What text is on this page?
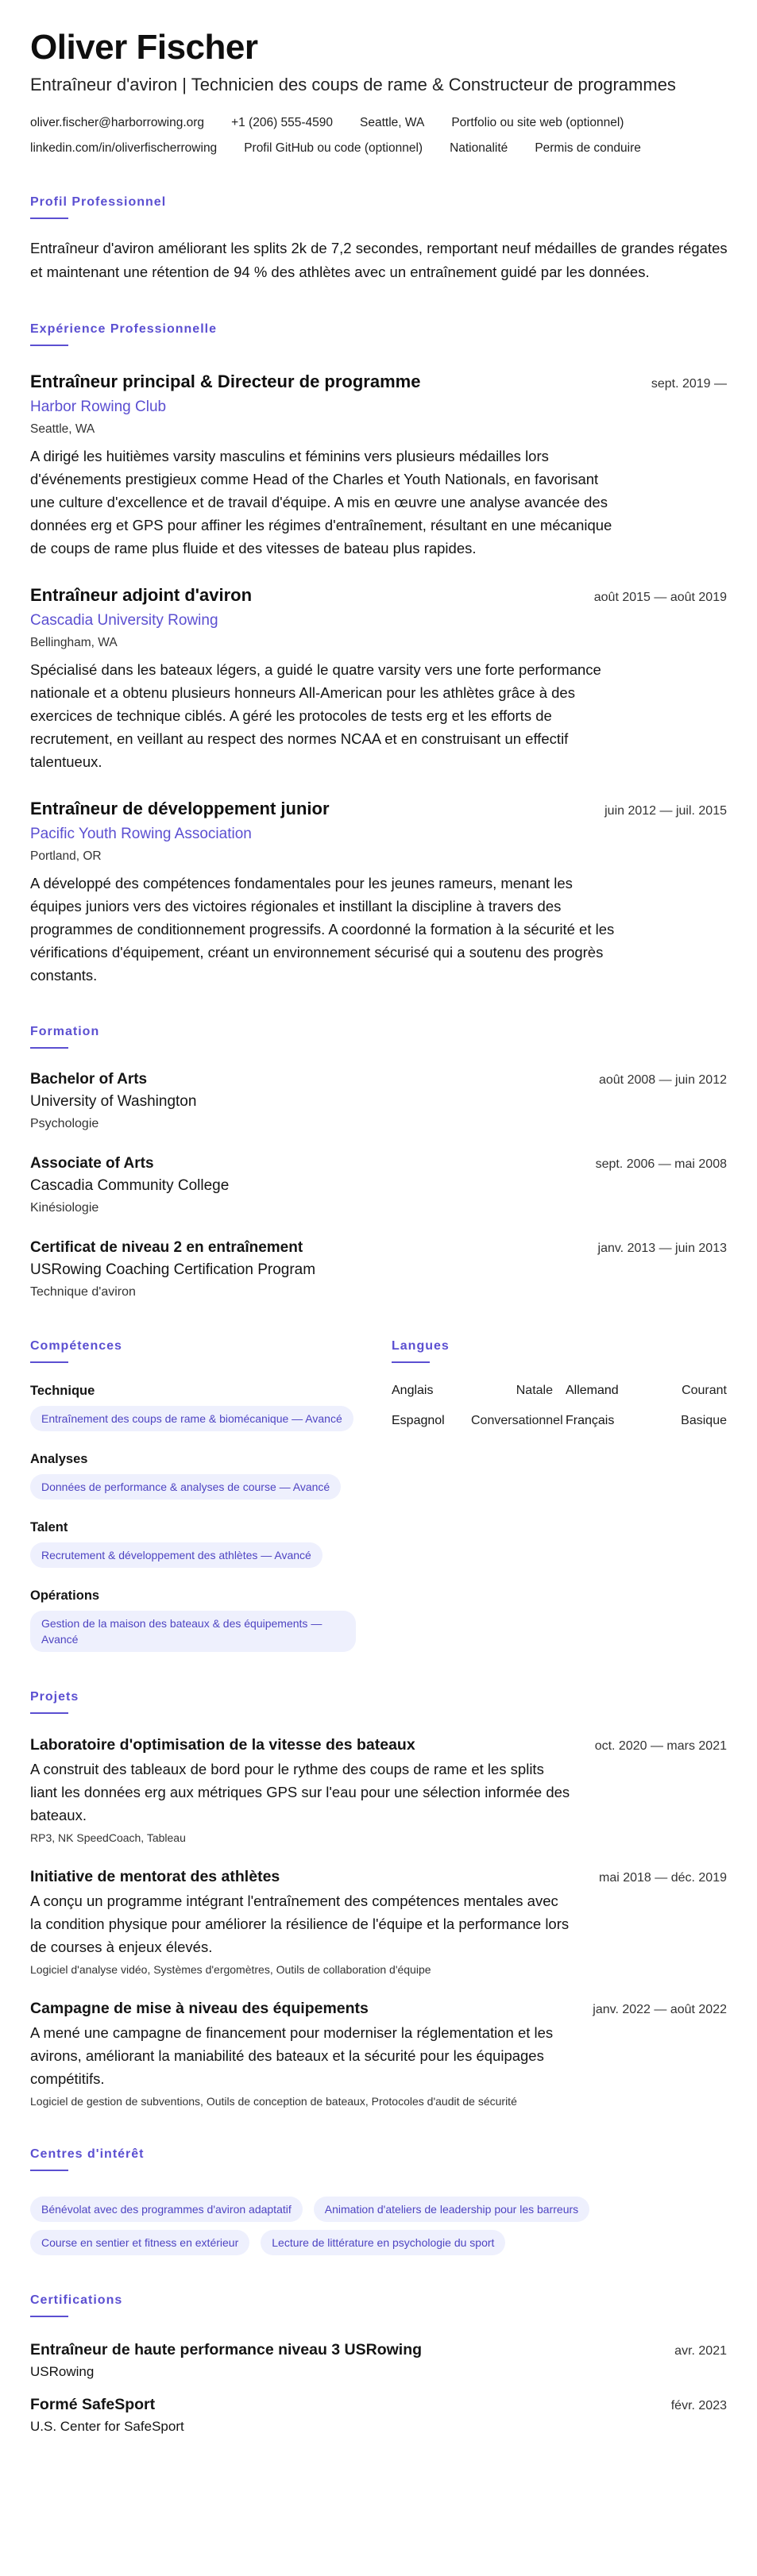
Oliver Fischer
Entraîneur d'aviron | Technicien des coups de rame & Constructeur de programmes
oliver.fischer@harborrowing.org +1 (206) 555-4590 Seattle, WA Portfolio ou site web (optionnel)
linkedin.com/in/oliverfischerrowing Profil GitHub ou code (optionnel) Nationalité Permis de conduire
Profil Professionnel
Entraîneur d'aviron améliorant les splits 2k de 7,2 secondes, remportant neuf médailles de grandes régates et maintenant une rétention de 94 % des athlètes avec un entraînement guidé par les données.
Expérience Professionnelle
Entraîneur principal & Directeur de programme	sept. 2019 —
Harbor Rowing Club
Seattle, WA
A dirigé les huitièmes varsity masculins et féminins vers plusieurs médailles lors d'événements prestigieux comme Head of the Charles et Youth Nationals, en favorisant une culture d'excellence et de travail d'équipe. A mis en œuvre une analyse avancée des données erg et GPS pour affiner les régimes d'entraînement, résultant en une mécanique de coups de rame plus fluide et des vitesses de bateau plus rapides.
Entraîneur adjoint d'aviron	août 2015 — août 2019
Cascadia University Rowing
Bellingham, WA
Spécialisé dans les bateaux légers, a guidé le quatre varsity vers une forte performance nationale et a obtenu plusieurs honneurs All-American pour les athlètes grâce à des exercices de technique ciblés. A géré les protocoles de tests erg et les efforts de recrutement, en veillant au respect des normes NCAA et en construisant un effectif talentueux.
Entraîneur de développement junior	juin 2012 — juil. 2015
Pacific Youth Rowing Association
Portland, OR
A développé des compétences fondamentales pour les jeunes rameurs, menant les équipes juniors vers des victoires régionales et instillant la discipline à travers des programmes de conditionnement progressifs. A coordonné la formation à la sécurité et les vérifications d'équipement, créant un environnement sécurisé qui a soutenu des progrès constants.
Formation
Bachelor of Arts	août 2008 — juin 2012
University of Washington
Psychologie
Associate of Arts	sept. 2006 — mai 2008
Cascadia Community College
Kinésiologie
Certificat de niveau 2 en entraînement	janv. 2013 — juin 2013
USRowing Coaching Certification Program
Technique d'aviron
Compétences
Technique
Entraînement des coups de rame & biomécanique — Avancé
Analyses
Données de performance & analyses de course — Avancé
Talent
Recrutement & développement des athlètes — Avancé
Opérations
Gestion de la maison des bateaux & des équipements — Avancé
Langues
Anglais	Natale	Allemand	Courant
Espagnol	Conversationnel Français	Basique
Projets
Laboratoire d'optimisation de la vitesse des bateaux	oct. 2020 — mars 2021
A construit des tableaux de bord pour le rythme des coups de rame et les splits liant les données erg aux métriques GPS sur l'eau pour une sélection informée des bateaux.
RP3, NK SpeedCoach, Tableau
Initiative de mentorat des athlètes	mai 2018 — déc. 2019
A conçu un programme intégrant l'entraînement des compétences mentales avec la condition physique pour améliorer la résilience de l'équipe et la performance lors de courses à enjeux élevés.
Logiciel d'analyse vidéo, Systèmes d'ergomètres, Outils de collaboration d'équipe
Campagne de mise à niveau des équipements	janv. 2022 — août 2022
A mené une campagne de financement pour moderniser la réglementation et les avirons, améliorant la maniabilité des bateaux et la sécurité pour les équipages compétitifs.
Logiciel de gestion de subventions, Outils de conception de bateaux, Protocoles d'audit de sécurité
Centres d'intérêt
Bénévolat avec des programmes d'aviron adaptatif	Animation d'ateliers de leadership pour les barreursCourse en sentier et fitness en extérieur	Lecture de littérature en psychologie du sport
Certifications
Entraîneur de haute performance niveau 3 USRowing	avr. 2021
USRowing
Formé SafeSport	févr. 2023
U.S. Center for SafeSport
